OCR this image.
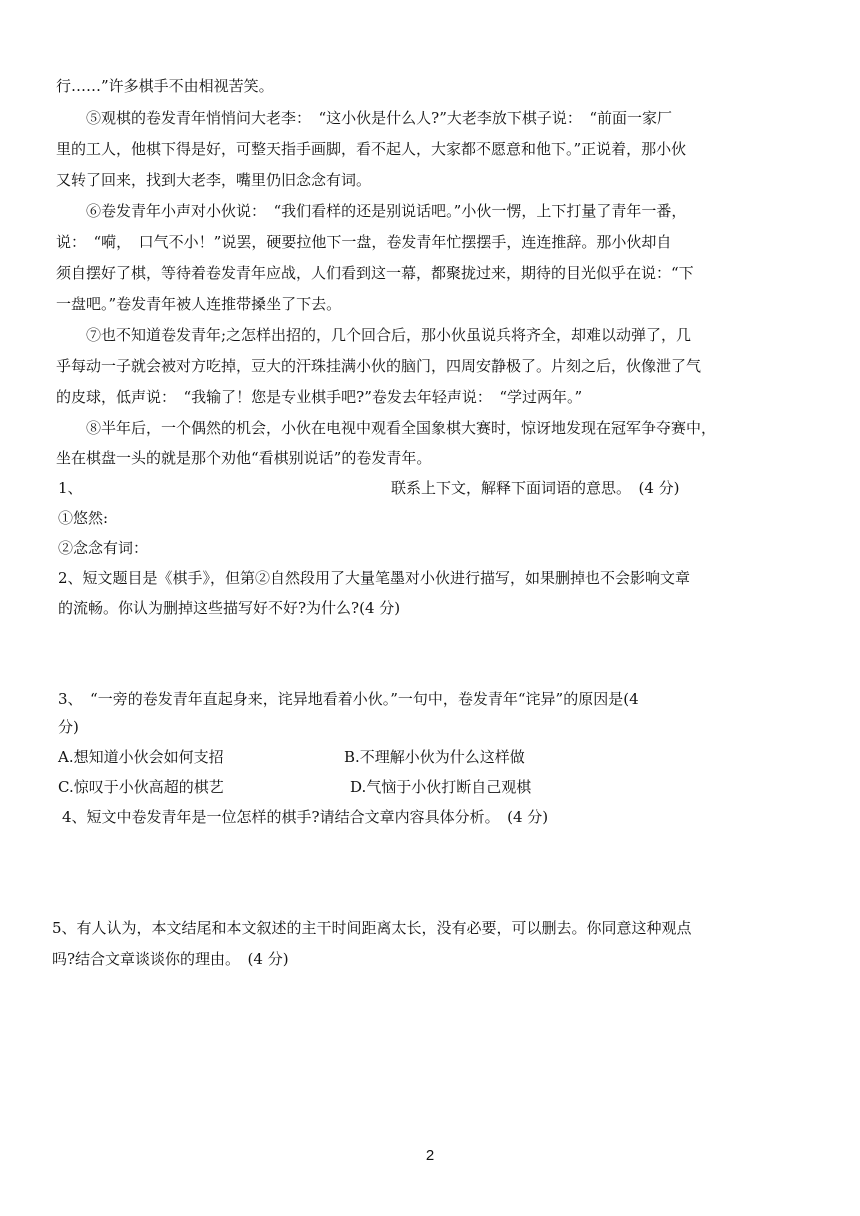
行……”许多棋手不由相视苦笑。
⑤观棋的卷发青年悄悄问大老李：　“这小伙是什么人?”大老李放下棋子说：　“前面一家厂
里的工人，他棋下得是好，可整天指手画脚，看不起人，大家都不愿意和他下。”正说着，那小伙
又转了回来，找到大老李，嘴里仍旧念念有词。
⑥卷发青年小声对小伙说：　“我们看样的还是别说话吧。”小伙一愣，上下打量了青年一番，
说：　“嗬，　口气不小！”说罢，硬要拉他下一盘，卷发青年忙摆摆手，连连推辞。那小伙却自
须自摆好了棋，等待着卷发青年应战，人们看到这一幕，都聚拢过来，期待的目光似乎在说：“下
一盘吧。”卷发青年被人连推带搡坐了下去。
⑦也不知道卷发青年;之怎样出招的，几个回合后，那小伙虽说兵将齐全，却难以动弹了，几
乎每动一子就会被对方吃掉，豆大的汗珠挂满小伙的脑门，四周安静极了。片刻之后，伙像泄了气
的皮球，低声说：　“我输了！您是专业棋手吧?”卷发去年轻声说：　“学过两年。”
⑧半年后，一个偶然的机会，小伙在电视中观看全国象棋大赛时，惊讶地发现在冠军争夺赛中，
坐在棋盘一头的就是那个劝他“看棋别说话”的卷发青年。
1、	联系上下文，解释下面词语的意思。　(4 分)
①悠然:
②念念有词：
2、短文题目是《棋手》，但第②自然段用了大量笔墨对小伙进行描写，如果删掉也不会影响文章
的流畅。你认为删掉这些描写好不好?为什么?(4 分)
3、　“一旁的卷发青年直起身来，诧异地看着小伙。”一句中，卷发青年“诧异”的原因是(4
分)
A.想知道小伙会如何支招	B.不理解小伙为什么这样做
C.惊叹于小伙高超的棋艺	D.气恼于小伙打断自己观棋
4、短文中卷发青年是一位怎样的棋手?请结合文章内容具体分析。　(4 分)
5、有人认为，本文结尾和本文叙述的主干时间距离太长，没有必要，可以删去。你同意这种观点
吗?结合文章谈谈你的理由。　(4 分)
2
